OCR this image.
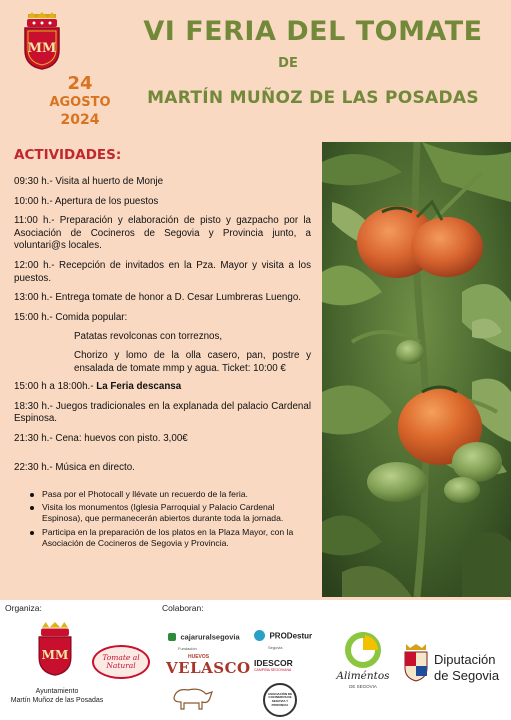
MM
24
AGOSTO
2024
VI FERIA DEL TOMATE
DE
MARTÍN MUÑOZ DE LAS POSADAS
ACTIVIDADES:
09:30 h.- Visita al huerto de Monje
10:00 h.- Apertura de los puestos
11:00 h.- Preparación y elaboración de pisto y gazpacho por la Asociación de Cocineros de Segovia y Provincia junto, a voluntari@s locales.
12:00 h.- Recepción de invitados en la Pza. Mayor y visita a los puestos.
13:00 h.- Entrega tomate de honor a D. Cesar Lumbreras Luengo.
15:00 h.- Comida popular:
Patatas revolconas con torreznos,
Chorizo y lomo de la olla casero, pan, postre y ensalada de tomate mmp y agua. Ticket: 10:00 €
15:00 h a 18:00h.- La Feria descansa
18:30 h.- Juegos tradicionales en la explanada del palacio Cardenal Espinosa.
21:30 h.- Cena: huevos con pisto. 3,00€
22:30 h.- Música en directo.
Pasa por el Photocall y llévate un recuerdo de la feria.
Visita los monumentos (Iglesia Parroquial y Palacio Cardenal Espinosa), que permanecerán abiertos durante toda la jornada.
Participa en la preparación de los platos en la Plaza Mayor, con la Asociación de Cocineros de Segovia y Provincia.
Organiza:	Colaboran:
MM
Ayuntamiento
Martín Muñoz de las Posadas
Tomate al Natural
cajaruralsegovia
Fundación
PRODestur
Segovia
HUEVOS
VELASCO IDESCOR
CAMPIÑA SEGOVIANA
ASOCIACIÓN DE COCINEROS DE SEGOVIA Y PROVINCIA
Aliméntos
DE SEGOVIA
Diputación
de Segovia
